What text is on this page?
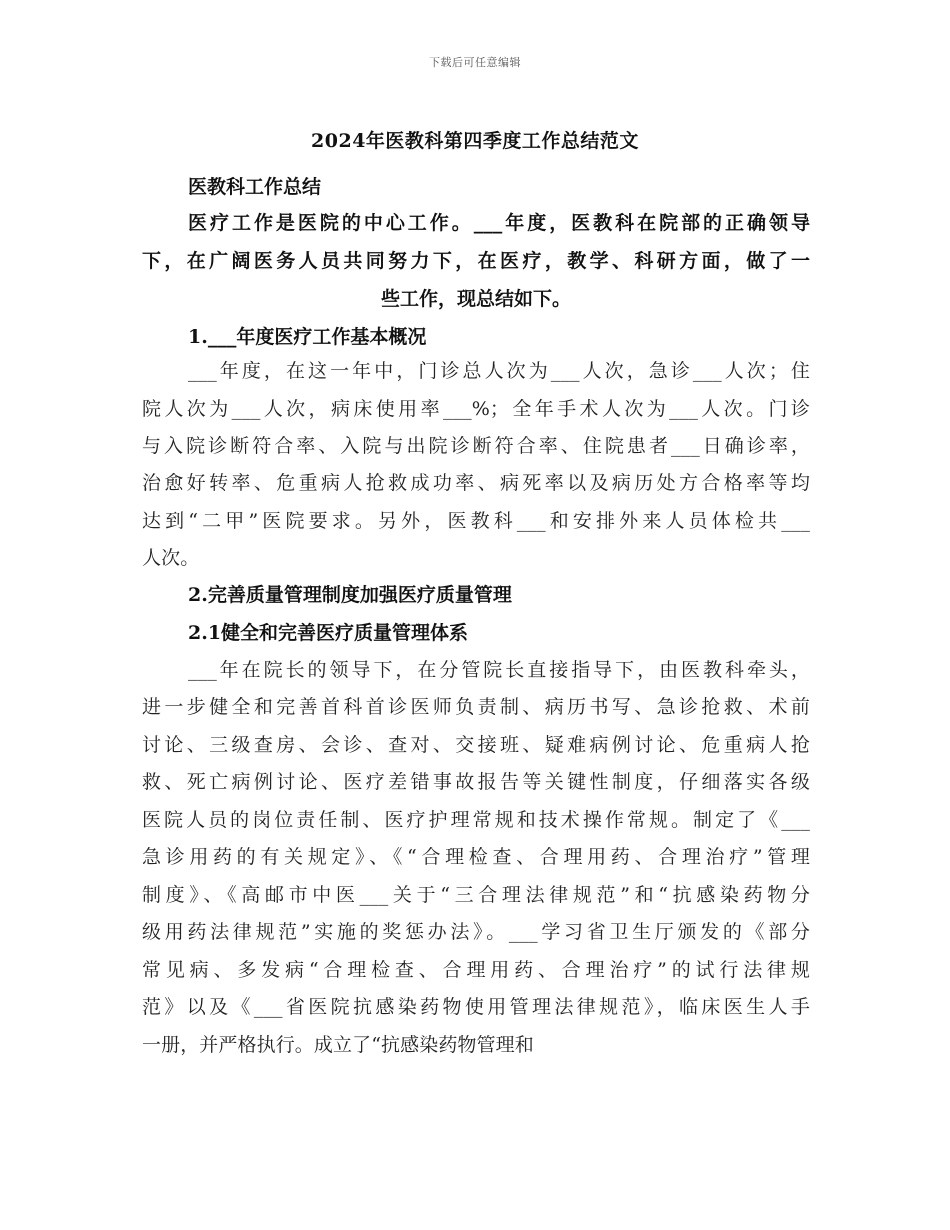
下载后可任意编辑
2024年医教科第四季度工作总结范文
医教科工作总结
医疗工作是医院的中心工作。___年度，医教科在院部的正确领导
下，在广阔医务人员共同努力下，在医疗，教学、科研方面，做了一
些工作，现总结如下。
1.___年度医疗工作基本概况
___年度，在这一年中，门诊总人次为___人次，急诊___人次；住
院人次为___人次，病床使用率___%；全年手术人次为___人次。门诊
与入院诊断符合率、入院与出院诊断符合率、住院患者___日确诊率，
治愈好转率、危重病人抢救成功率、病死率以及病历处方合格率等均
达到“二甲”医院要求。另外，医教科___和安排外来人员体检共___
人次。
2.完善质量管理制度加强医疗质量管理
2.1健全和完善医疗质量管理体系
___年在院长的领导下，在分管院长直接指导下，由医教科牵头，
进一步健全和完善首科首诊医师负责制、病历书写、急诊抢救、术前
讨论、三级查房、会诊、查对、交接班、疑难病例讨论、危重病人抢
救、死亡病例讨论、医疗差错事故报告等关键性制度，仔细落实各级
医院人员的岗位责任制、医疗护理常规和技术操作常规。制定了《___
急诊用药的有关规定》、《“合理检查、合理用药、合理治疗”管理
制度》、《高邮市中医___关于“三合理法律规范”和“抗感染药物分
级用药法律规范”实施的奖惩办法》。___学习省卫生厅颁发的《部分
常见病、多发病“合理检查、合理用药、合理治疗”的试行法律规
范》以及《___省医院抗感染药物使用管理法律规范》，临床医生人手
一册，并严格执行。成立了“抗感染药物管理和
